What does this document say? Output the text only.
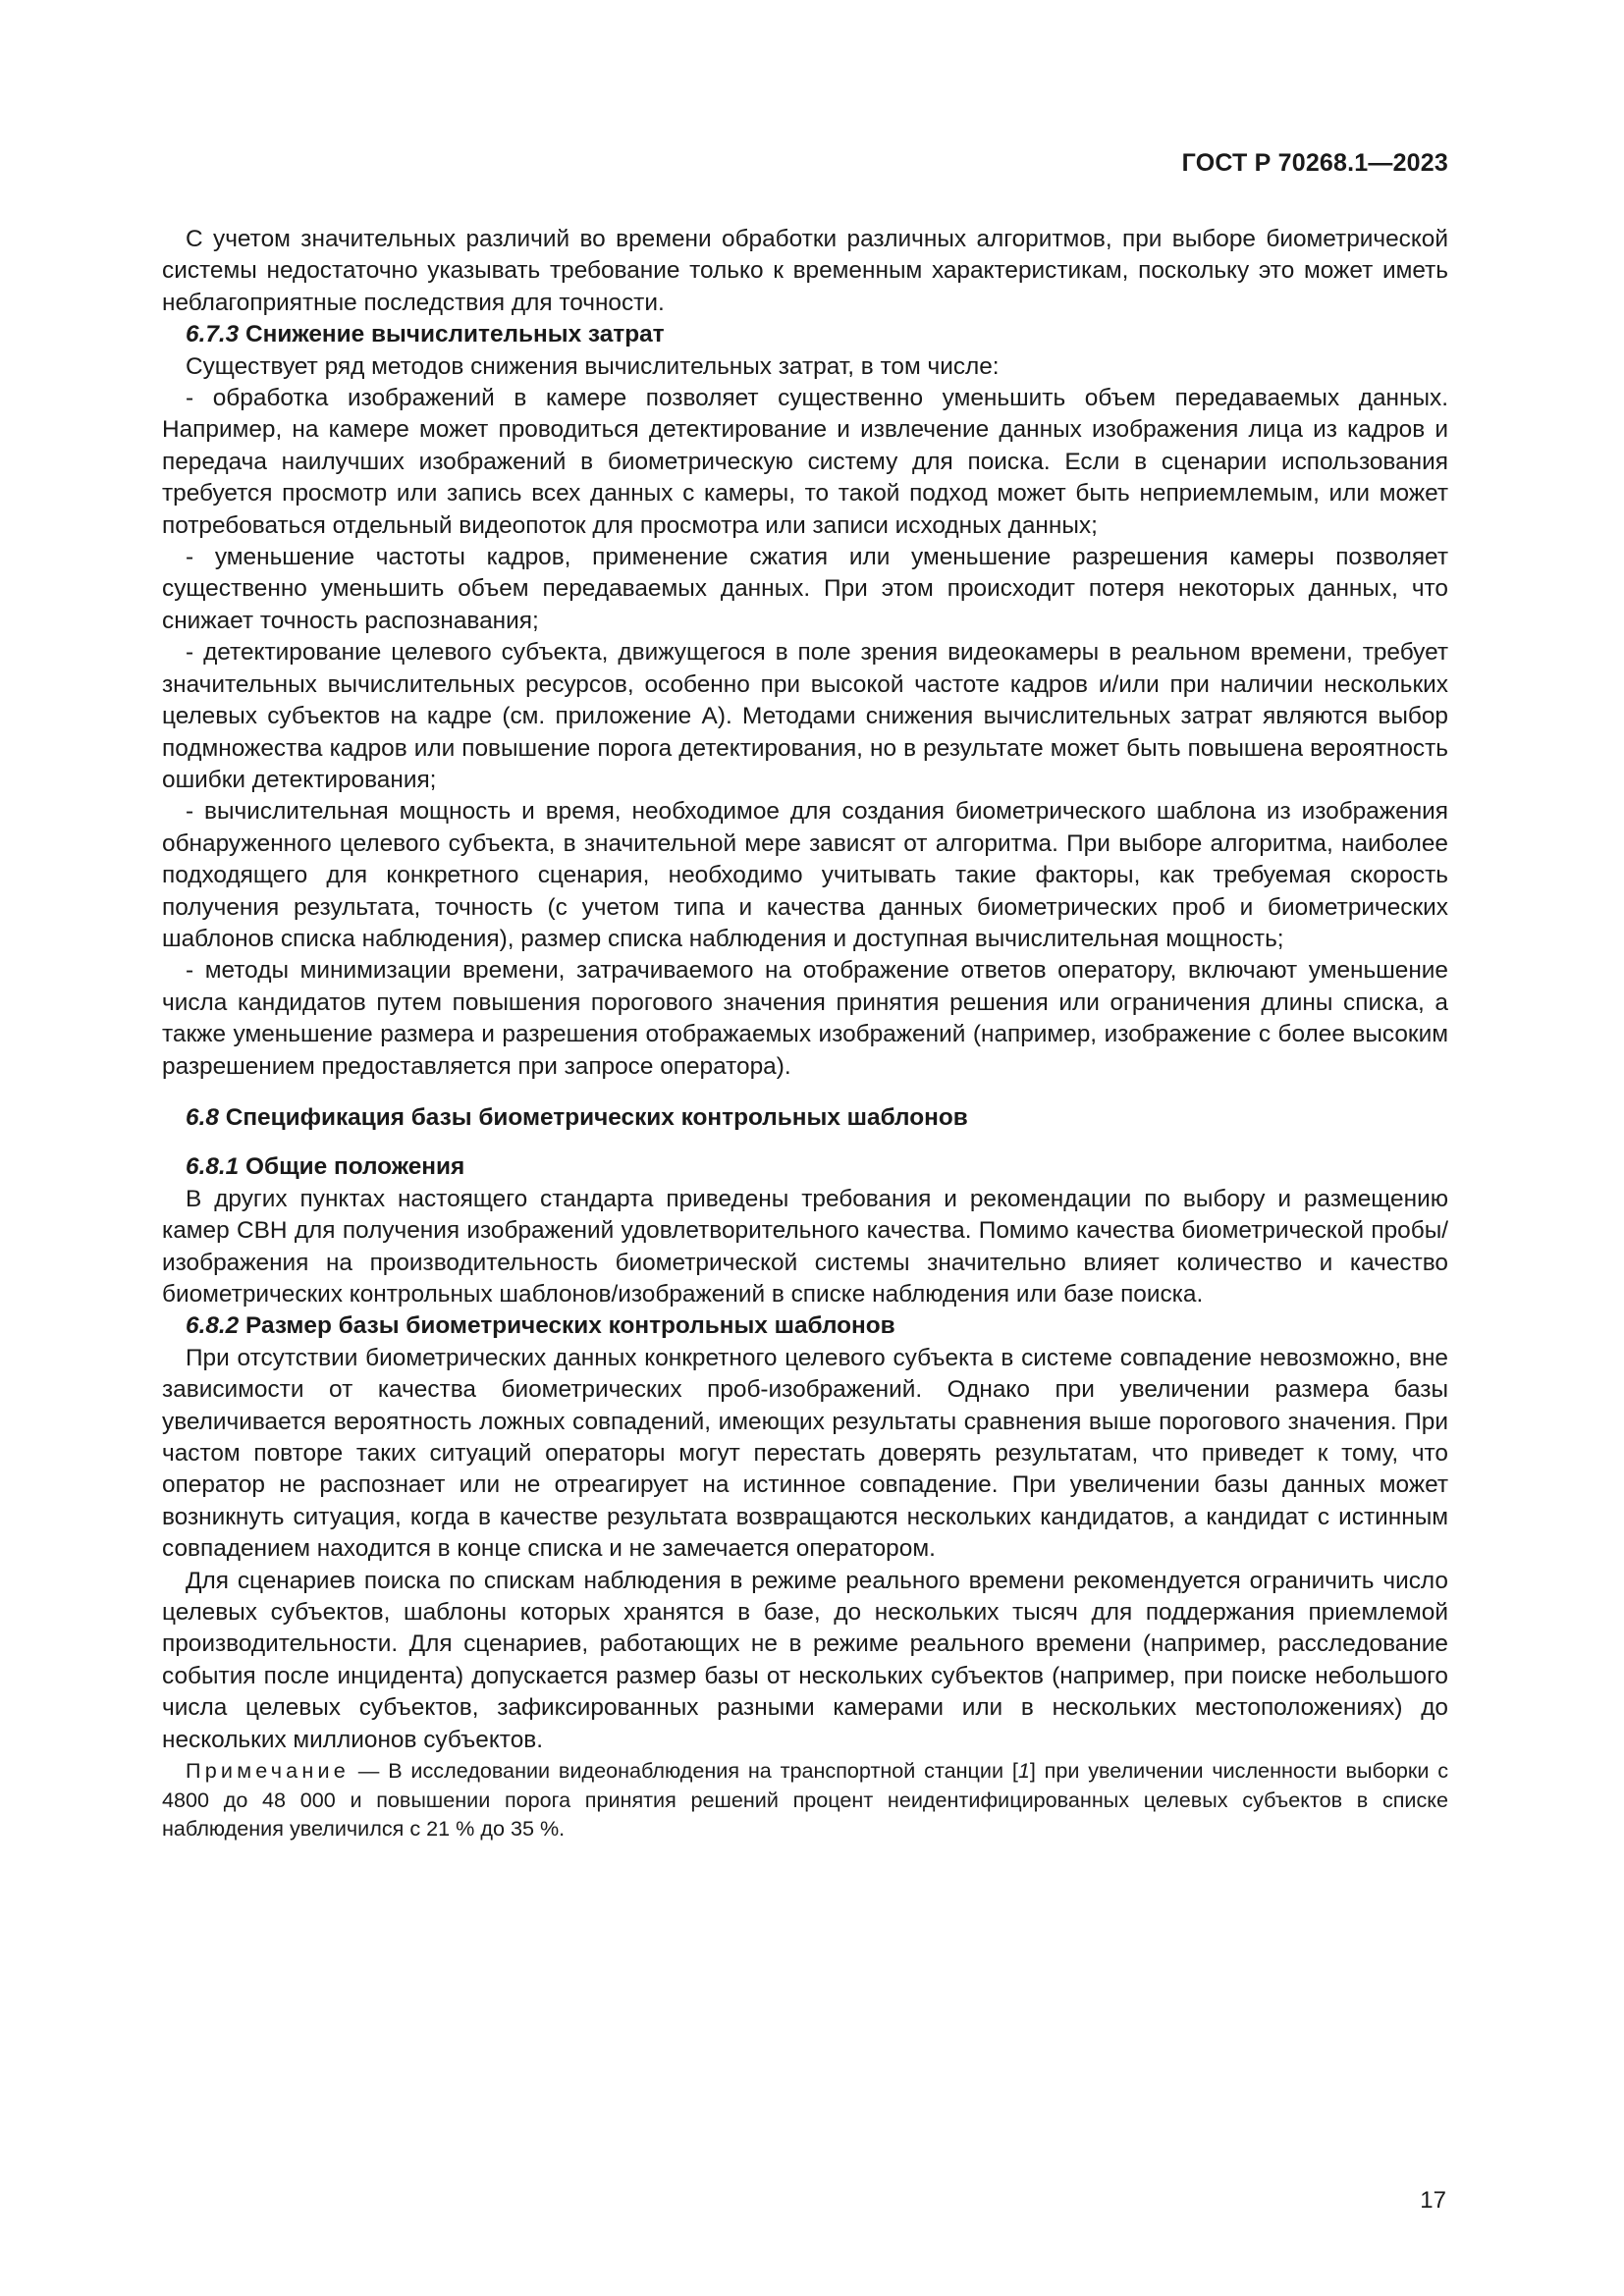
ГОСТ Р 70268.1—2023

С учетом значительных различий во времени обработки различных алгоритмов, при выборе биометрической системы недостаточно указывать требование только к временным характеристикам, поскольку это может иметь неблагоприятные последствия для точности.

6.7.3 Снижение вычислительных затрат

Существует ряд методов снижения вычислительных затрат, в том числе:

- обработка изображений в камере позволяет существенно уменьшить объем передаваемых данных. Например, на камере может проводиться детектирование и извлечение данных изображения лица из кадров и передача наилучших изображений в биометрическую систему для поиска. Если в сценарии использования требуется просмотр или запись всех данных с камеры, то такой подход может быть неприемлемым, или может потребоваться отдельный видеопоток для просмотра или записи исходных данных;

- уменьшение частоты кадров, применение сжатия или уменьшение разрешения камеры позволяет существенно уменьшить объем передаваемых данных. При этом происходит потеря некоторых данных, что снижает точность распознавания;

- детектирование целевого субъекта, движущегося в поле зрения видеокамеры в реальном времени, требует значительных вычислительных ресурсов, особенно при высокой частоте кадров и/или при наличии нескольких целевых субъектов на кадре (см. приложение А). Методами снижения вычислительных затрат являются выбор подмножества кадров или повышение порога детектирования, но в результате может быть повышена вероятность ошибки детектирования;

- вычислительная мощность и время, необходимое для создания биометрического шаблона из изображения обнаруженного целевого субъекта, в значительной мере зависят от алгоритма. При выборе алгоритма, наиболее подходящего для конкретного сценария, необходимо учитывать такие факторы, как требуемая скорость получения результата, точность (с учетом типа и качества данных биометрических проб и биометрических шаблонов списка наблюдения), размер списка наблюдения и доступная вычислительная мощность;

- методы минимизации времени, затрачиваемого на отображение ответов оператору, включают уменьшение числа кандидатов путем повышения порогового значения принятия решения или ограничения длины списка, а также уменьшение размера и разрешения отображаемых изображений (например, изображение с более высоким разрешением предоставляется при запросе оператора).

6.8 Спецификация базы биометрических контрольных шаблонов
6.8.1 Общие положения

В других пунктах настоящего стандарта приведены требования и рекомендации по выбору и размещению камер СВН для получения изображений удовлетворительного качества. Помимо качества биометрической пробы/изображения на производительность биометрической системы значительно влияет количество и качество биометрических контрольных шаблонов/изображений в списке наблюдения или базе поиска.

6.8.2 Размер базы биометрических контрольных шаблонов

При отсутствии биометрических данных конкретного целевого субъекта в системе совпадение невозможно, вне зависимости от качества биометрических проб-изображений. Однако при увеличении размера базы увеличивается вероятность ложных совпадений, имеющих результаты сравнения выше порогового значения. При частом повторе таких ситуаций операторы могут перестать доверять результатам, что приведет к тому, что оператор не распознает или не отреагирует на истинное совпадение. При увеличении базы данных может возникнуть ситуация, когда в качестве результата возвращаются нескольких кандидатов, а кандидат с истинным совпадением находится в конце списка и не замечается оператором.

Для сценариев поиска по спискам наблюдения в режиме реального времени рекомендуется ограничить число целевых субъектов, шаблоны которых хранятся в базе, до нескольких тысяч для поддержания приемлемой производительности. Для сценариев, работающих не в режиме реального времени (например, расследование события после инцидента) допускается размер базы от нескольких субъектов (например, при поиске небольшого числа целевых субъектов, зафиксированных разными камерами или в нескольких местоположениях) до нескольких миллионов субъектов.

Примечание — В исследовании видеонаблюдения на транспортной станции [1] при увеличении численности выборки с 4800 до 48 000 и повышении порога принятия решений процент неидентифицированных целевых субъектов в списке наблюдения увеличился с 21 % до 35 %.

17
